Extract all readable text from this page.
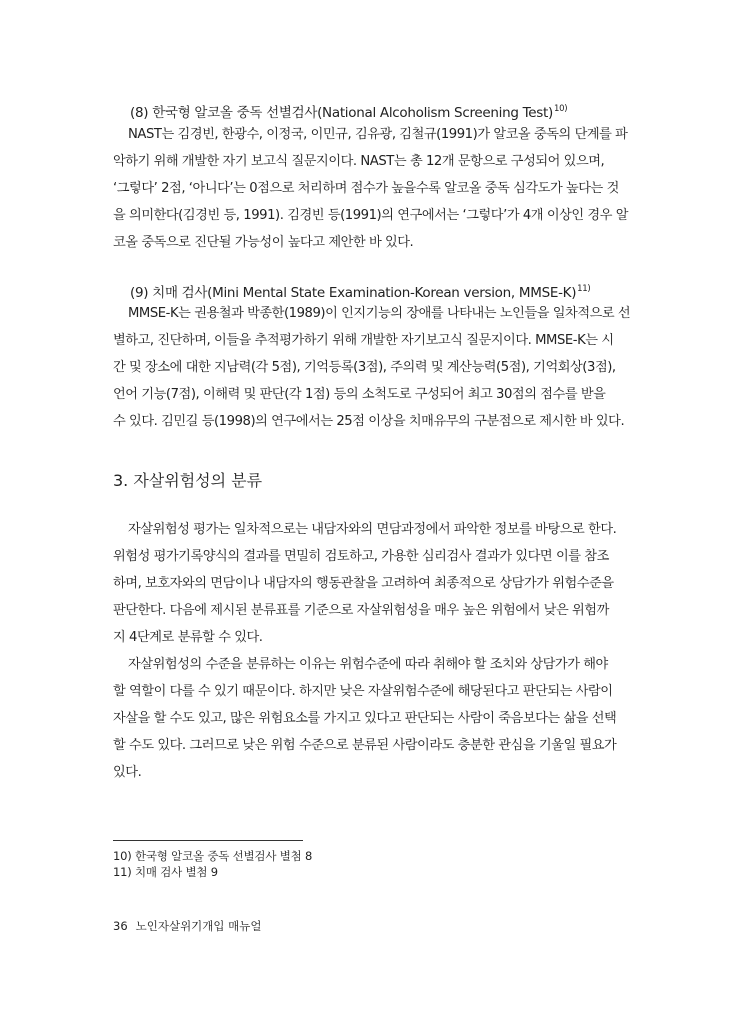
(8) 한국형 알코올 중독 선별검사(National Alcoholism Screening Test)$^{10)}$
NAST는 김경빈, 한광수, 이정국, 이민규, 김유광, 김철규(1991)가 알코올 중독의 단계를 파
악하기 위해 개발한 자기 보고식 질문지이다. NAST는 총 12개 문항으로 구성되어 있으며,
‘그렇다’ 2점, ‘아니다’는 0점으로 처리하며 점수가 높을수록 알코올 중독 심각도가 높다는 것
을 의미한다(김경빈 등, 1991). 김경빈 등(1991)의 연구에서는 ‘그렇다’가 4개 이상인 경우 알
코올 중독으로 진단될 가능성이 높다고 제안한 바 있다.
(9) 치매 검사(Mini Mental State Examination-Korean version, MMSE-K)$^{11)}$
MMSE-K는 권용철과 박종한(1989)이 인지기능의 장애를 나타내는 노인들을 일차적으로 선
별하고, 진단하며, 이들을 추적평가하기 위해 개발한 자기보고식 질문지이다. MMSE-K는 시
간 및 장소에 대한 지남력(각 5점), 기억등록(3점), 주의력 및 계산능력(5점), 기억회상(3점),
언어 기능(7점), 이해력 및 판단(각 1점) 등의 소척도로 구성되어 최고 30점의 점수를 받을
수 있다. 김민길 등(1998)의 연구에서는 25점 이상을 치매유무의 구분점으로 제시한 바 있다.
3. 자살위험성의 분류
자살위험성 평가는 일차적으로는 내담자와의 면담과정에서 파악한 정보를 바탕으로 한다.
위험성 평가기록양식의 결과를 면밀히 검토하고, 가용한 심리검사 결과가 있다면 이를 참조
하며, 보호자와의 면담이나 내담자의 행동관찰을 고려하여 최종적으로 상담가가 위험수준을
판단한다. 다음에 제시된 분류표를 기준으로 자살위험성을 매우 높은 위험에서 낮은 위험까
지 4단계로 분류할 수 있다.
자살위험성의 수준을 분류하는 이유는 위험수준에 따라 취해야 할 조치와 상담가가 해야
할 역할이 다를 수 있기 때문이다. 하지만 낮은 자살위험수준에 해당된다고 판단되는 사람이
자살을 할 수도 있고, 많은 위험요소를 가지고 있다고 판단되는 사람이 죽음보다는 삶을 선택
할 수도 있다. 그러므로 낮은 위험 수준으로 분류된 사람이라도 충분한 관심을 기울일 필요가
있다.
10) 한국형 알코올 중독 선별검사 별첨 8
11) 치매 검사 별첨 9
36 노인자살위기개입 매뉴얼
